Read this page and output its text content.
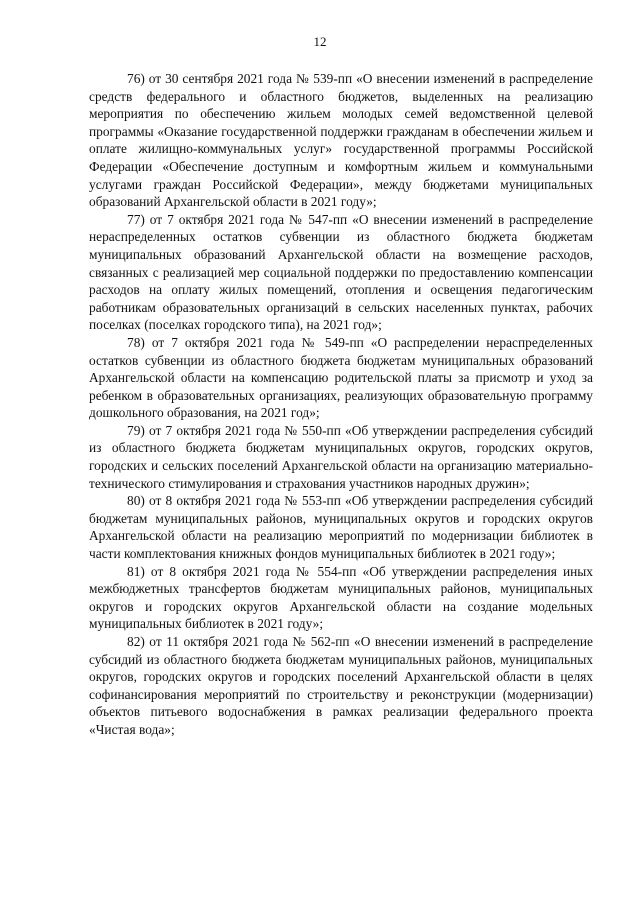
12

76) от 30 сентября 2021 года № 539-пп «О внесении изменений в распределение средств федерального и областного бюджетов, выделенных на реализацию мероприятия по обеспечению жильем молодых семей ведомственной целевой программы «Оказание государственной поддержки гражданам в обеспечении жильем и оплате жилищно-коммунальных услуг» государственной программы Российской Федерации «Обеспечение доступным и комфортным жильем и коммунальными услугами граждан Российской Федерации», между бюджетами муниципальных образований Архангельской области в 2021 году»;

77) от 7 октября 2021 года № 547-пп «О внесении изменений в распределение нераспределенных остатков субвенции из областного бюджета бюджетам муниципальных образований Архангельской области на возмещение расходов, связанных с реализацией мер социальной поддержки по предоставлению компенсации расходов на оплату жилых помещений, отопления и освещения педагогическим работникам образовательных организаций в сельских населенных пунктах, рабочих поселках (поселках городского типа), на 2021 год»;

78) от 7 октября 2021 года № 549-пп «О распределении нераспределенных остатков субвенции из областного бюджета бюджетам муниципальных образований Архангельской области на компенсацию родительской платы за присмотр и уход за ребенком в образовательных организациях, реализующих образовательную программу дошкольного образования, на 2021 год»;

79) от 7 октября 2021 года № 550-пп «Об утверждении распределения субсидий из областного бюджета бюджетам муниципальных округов, городских округов, городских и сельских поселений Архангельской области на организацию материально-технического стимулирования и страхования участников народных дружин»;

80) от 8 октября 2021 года № 553-пп «Об утверждении распределения субсидий бюджетам муниципальных районов, муниципальных округов и городских округов Архангельской области на реализацию мероприятий по модернизации библиотек в части комплектования книжных фондов муниципальных библиотек в 2021 году»;

81) от 8 октября 2021 года № 554-пп «Об утверждении распределения иных межбюджетных трансфертов бюджетам муниципальных районов, муниципальных округов и городских округов Архангельской области на создание модельных муниципальных библиотек в 2021 году»;

82) от 11 октября 2021 года № 562-пп «О внесении изменений в распределение субсидий из областного бюджета бюджетам муниципальных районов, муниципальных округов, городских округов и городских поселений Архангельской области в целях софинансирования мероприятий по строительству и реконструкции (модернизации) объектов питьевого водоснабжения в рамках реализации федерального проекта «Чистая вода»;
